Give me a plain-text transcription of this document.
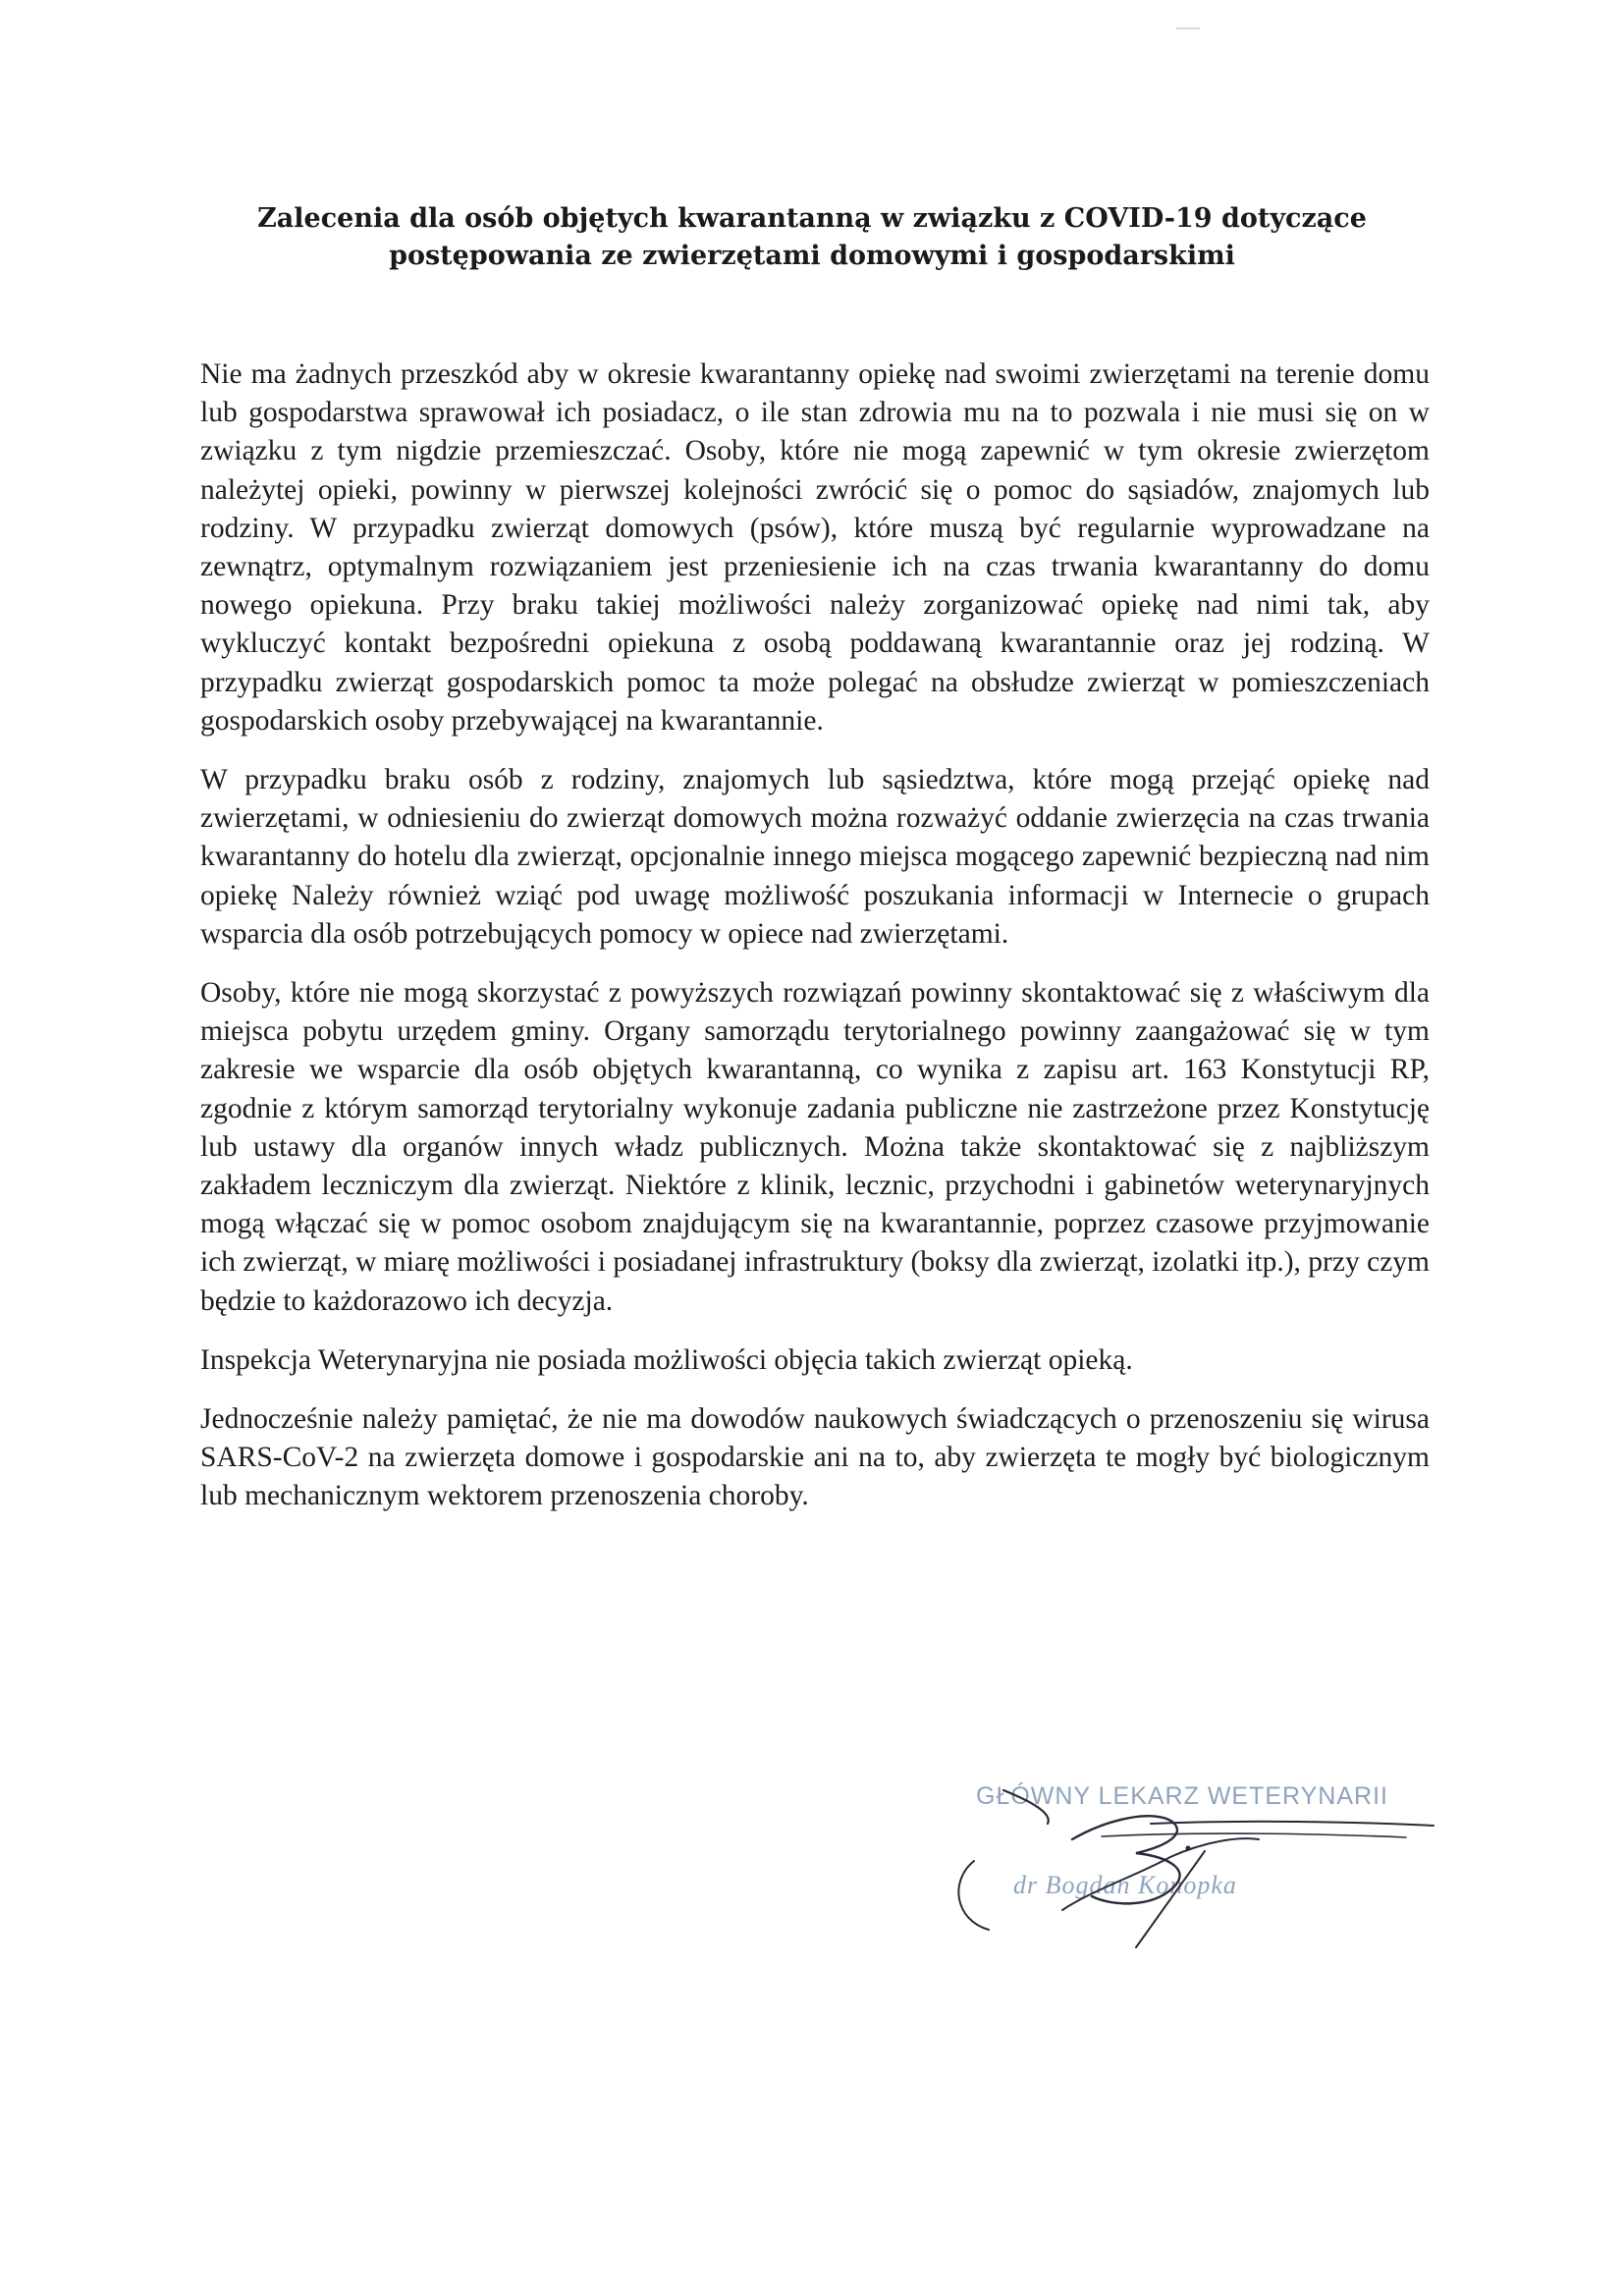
Zalecenia dla osób objętych kwarantanną w związku z COVID-19 dotyczące
postępowania ze zwierzętami domowymi i gospodarskimi

Nie ma żadnych przeszkód aby w okresie kwarantanny opiekę nad swoimi zwierzętami na terenie domu lub gospodarstwa sprawował ich posiadacz, o ile stan zdrowia mu na to pozwala i nie musi się on w związku z tym nigdzie przemieszczać. Osoby, które nie mogą zapewnić w tym okresie zwierzętom należytej opieki, powinny w pierwszej kolejności zwrócić się o pomoc do sąsiadów, znajomych lub rodziny. W przypadku zwierząt domowych (psów), które muszą być regularnie wyprowadzane na zewnątrz, optymalnym rozwiązaniem jest przeniesienie ich na czas trwania kwarantanny do domu nowego opiekuna. Przy braku takiej możliwości należy zorganizować opiekę nad nimi tak, aby wykluczyć kontakt bezpośredni opiekuna z osobą poddawaną kwarantannie oraz jej rodziną. W przypadku zwierząt gospodarskich pomoc ta może polegać na obsłudze zwierząt w pomieszczeniach gospodarskich osoby przebywającej na kwarantannie.

W przypadku braku osób z rodziny, znajomych lub sąsiedztwa, które mogą przejąć opiekę nad zwierzętami, w odniesieniu do zwierząt domowych można rozważyć oddanie zwierzęcia na czas trwania kwarantanny do hotelu dla zwierząt, opcjonalnie innego miejsca mogącego zapewnić bezpieczną nad nim opiekę Należy również wziąć pod uwagę możliwość poszukania informacji w Internecie o grupach wsparcia dla osób potrzebujących pomocy w opiece nad zwierzętami.

Osoby, które nie mogą skorzystać z powyższych rozwiązań powinny skontaktować się z właściwym dla miejsca pobytu urzędem gminy. Organy samorządu terytorialnego powinny zaangażować się w tym zakresie we wsparcie dla osób objętych kwarantanną, co wynika z zapisu art. 163 Konstytucji RP, zgodnie z którym samorząd terytorialny wykonuje zadania publiczne nie zastrzeżone przez Konstytucję lub ustawy dla organów innych władz publicznych. Można także skontaktować się z najbliższym zakładem leczniczym dla zwierząt. Niektóre z klinik, lecznic, przychodni i gabinetów weterynaryjnych mogą włączać się w pomoc osobom znajdującym się na kwarantannie, poprzez czasowe przyjmowanie ich zwierząt, w miarę możliwości i posiadanej infrastruktury (boksy dla zwierząt, izolatki itp.), przy czym będzie to każdorazowo ich decyzja.

Inspekcja Weterynaryjna nie posiada możliwości objęcia takich zwierząt opieką.

Jednocześnie należy pamiętać, że nie ma dowodów naukowych świadczących o przenoszeniu się wirusa SARS-CoV-2 na zwierzęta domowe i gospodarskie ani na to, aby zwierzęta te mogły być biologicznym lub mechanicznym wektorem przenoszenia choroby.

GŁÓWNY LEKARZ WETERYNARII
dr Bogdan Konopka
